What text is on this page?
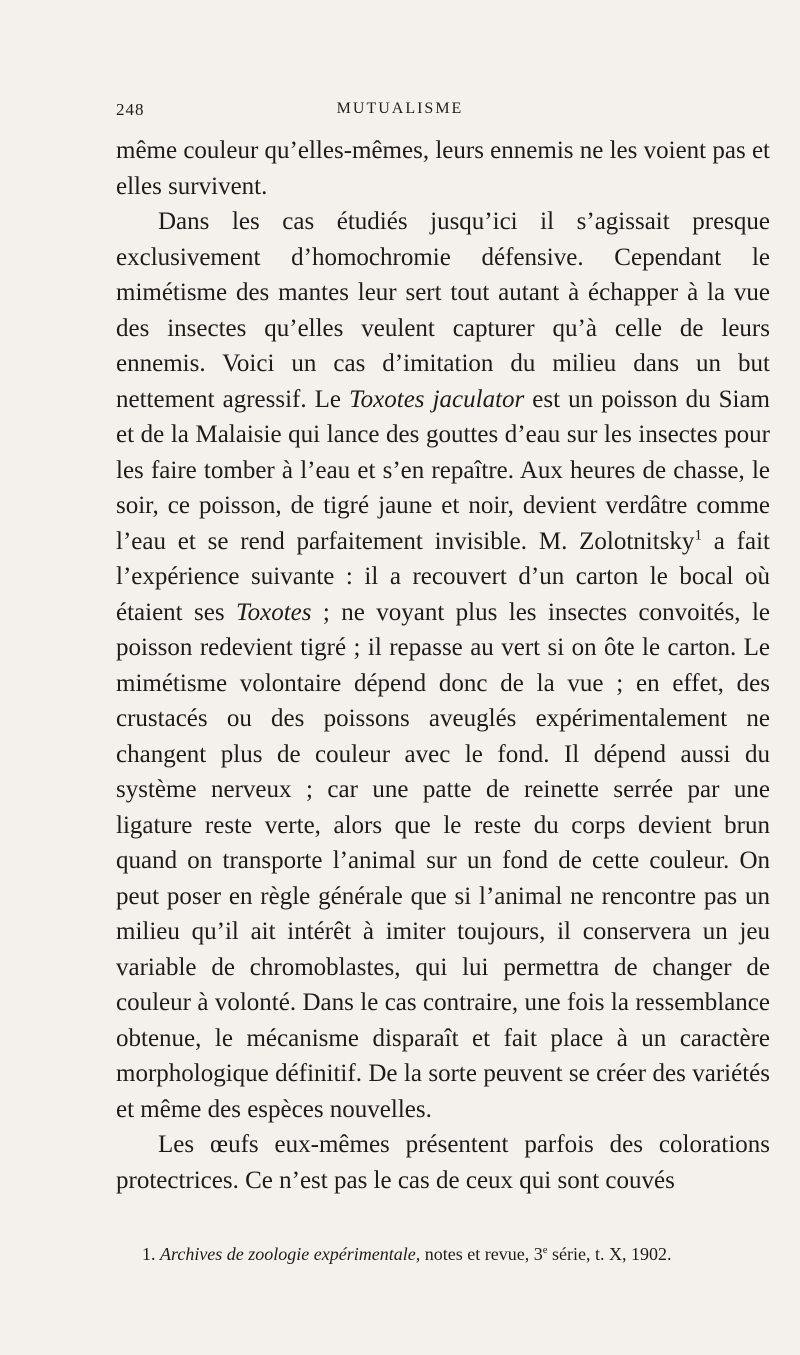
248	MUTUALISME

même couleur qu’elles-mêmes, leurs ennemis ne les voient pas et elles survivent.

Dans les cas étudiés jusqu’ici il s’agissait presque exclusivement d’homochromie défensive. Cependant le mimétisme des mantes leur sert tout autant à échapper à la vue des insectes qu’elles veulent capturer qu’à celle de leurs ennemis. Voici un cas d’imitation du milieu dans un but nettement agressif. Le Toxotes jaculator est un poisson du Siam et de la Malaisie qui lance des gouttes d’eau sur les insectes pour les faire tomber à l’eau et s’en repaître. Aux heures de chasse, le soir, ce poisson, de tigré jaune et noir, devient verdâtre comme l’eau et se rend parfaitement invisible. M. Zolotnitsky$^1$ a fait l’expérience suivante : il a recouvert d’un carton le bocal où étaient ses Toxotes ; ne voyant plus les insectes convoités, le poisson redevient tigré ; il repasse au vert si on ôte le carton. Le mimétisme volontaire dépend donc de la vue ; en effet, des crustacés ou des poissons aveuglés expérimentalement ne changent plus de couleur avec le fond. Il dépend aussi du système nerveux ; car une patte de reinette serrée par une ligature reste verte, alors que le reste du corps devient brun quand on transporte l’animal sur un fond de cette couleur. On peut poser en règle générale que si l’animal ne rencontre pas un milieu qu’il ait intérêt à imiter toujours, il conservera un jeu variable de chromoblastes, qui lui permettra de changer de couleur à volonté. Dans le cas contraire, une fois la ressemblance obtenue, le mécanisme disparaît et fait place à un caractère morphologique définitif. De la sorte peuvent se créer des variétés et même des espèces nouvelles.

Les œufs eux-mêmes présentent parfois des colorations protectrices. Ce n’est pas le cas de ceux qui sont couvés

1. Archives de zoologie expérimentale, notes et revue, 3e série, t. X, 1902.
